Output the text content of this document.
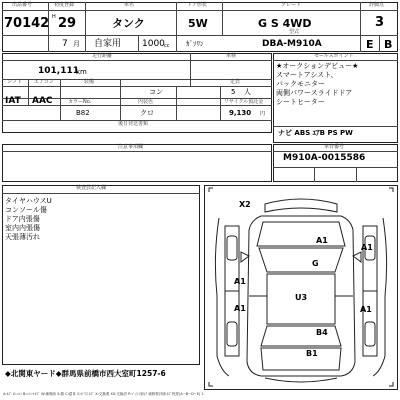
出品番号
70142
初度登録
H 29
7 月
車名
タンク
自家用 1000 cc
ドア形状
5W
ｶﾞｿﾘﾝ
グレード
G S 4WD
型式
DBA-M910A
評価点
3
E B
走行距離
101,111
km
車検
シフト エアコン	装備
IAT AAC
コン
定員
5 人
カラーNo.	内装色	リサイクル預託金
B82	クロ	9,130 円
後日発送書類
セールスポイント
★オークションデビュー★
スマートアシスト、
バックモニター
両側パワースライドドア
シートヒーター
ナビ ABS ｴｱB PS PW
注意事項欄	車台番号
M910A-0015586
検査員記入欄
タイヤハウスU
コンソール傷
ドア内張傷
室内内張傷
天張薄汚れ
X2
A1
A1
G
A1
U3
A1	A1
B4
B1
◆北関東ヤード◆群馬県前橋市西大室町1257-6
A:ｷｽﾞ U:ﾍｺﾐ B:ﾍｺﾐ+ｷｽﾞ W:補修跡 S:錆 C:腐食 G:ｶﾞﾗｽ ｷｽﾞ X:交換要 XX:交換済 P:ﾍﾟｲﾝﾄ剥げ 補修要評価 ｷｽﾞ程度(A~B~D~E) 1
